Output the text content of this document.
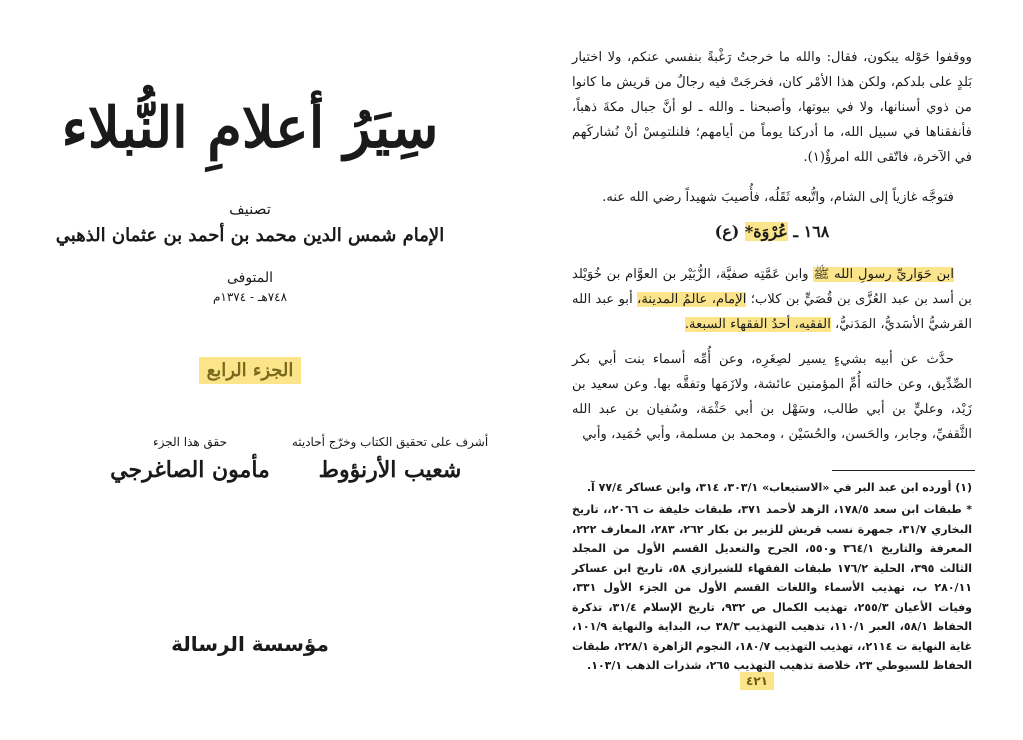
سِيَرُ أعلامِ النُّبلاء
تصنيف
الإمام شمس الدين محمد بن أحمد بن عثمان الذهبي
المتوفى
٧٤٨هـ - ١٣٧٤م
الجزء الرابع
أشرف على تحقيق الكتاب وخرّج أحاديثه
شعيب الأرنؤوط
حقق هذا الجزء
مأمون الصاغرجي
مؤسسة الرسالة
ووقفوا حَوْله يبكون، فقال: والله ما خرجتُ رَغْبةً بنفسي عنكم، ولا اختيار بَلدٍ على بلدكم، ولكن هذا الأمْر كان، فخرجَتْ فيه رجالٌ من قريش ما كانوا من ذوي أسنانها، ولا في بيوتها، وأصبحنا ـ والله ـ لو أنَّ جبال مكةَ ذهباً، فأنفقناها في سبيل الله، ما أدركنا يوماً من أيامهم؛ فلنلتمِسْ أنْ نُشاركَهم في الآخرة، فاتّقى الله امرؤٌ(١).
فتوجَّه غازياً إلى الشام، واتُّبعه ثَقَلُه، فأُصيبَ شهيداً رضي الله عنه.
١٦٨ ـ عُرْوَة* (ع)
ابن حَوَاريِّ رسولِ الله ﷺ وابن عَمَّتِه صفيَّة، الزُّبَيْر بن العوَّام بن خُوَيْلد بن أسد بن عبد العُزَّى بن قُصَيٍّ بن كلاب؛ الإمام، عالمُ المدينة، أبو عبد الله القرشيُّ الأسَديُّ، المَدَنيُّ، الفقيه، أحدُ الفقهاء السبعة.
حدَّث عن أبيه بشيءٍ يسير لصِغَرِه، وعن أُمِّه أسماء بنت أبي بكر الصِّدِّيق، وعن خالته أُمِّ المؤمنين عائشة، ولازَمَها وتفقَّه بها. وعن سعيد بن زَيْد، وعليٍّ بن أبي طالب، وسَهْل بن أبي حَثْمَة، وسُفيان بن عبد الله الثَّقفيِّ، وجابر، والحَسن، والحُسَيْن ، ومحمد بن مسلمة، وأبي حُمَيد، وأبي
(١) أورده ابن عبد البر في «الاستيعاب» ٣٠٣/١، ٣١٤، وابن عساكر ٧٧/٤ آ.
* طبقات ابن سعد ١٧٨/٥، الزهد لأحمد ٣٧١، طبقات خليفة ت ٢٠٦٦،، تاريخ البخاري ٣١/٧، جمهرة نسب قريش للزبير بن بكار ٢٦٢، ٢٨٣، المعارف ٢٢٢، المعرفة والتاريخ ٣٦٤/١ و٥٥٠، الجرح والتعديل القسم الأول من المجلد الثالث ٣٩٥، الحلية ١٧٦/٢ طبقات الفقهاء للشيرازي ٥٨، تاريخ ابن عساكر ٢٨٠/١١ ب، تهذيب الأسماء واللغات القسم الأول من الجزء الأول ٣٣١، وفيات الأعيان ٢٥٥/٣، تهذيب الكمال ص ٩٣٢، تاريخ الإسلام ٣١/٤، تذكرة الحفاظ ٥٨/١، العبر ١١٠/١، تذهيب التهذيب ٣٨/٣ ب، البداية والنهاية ١٠١/٩، غاية النهاية ت ٢١١٤،، تهذيب التهذيب ١٨٠/٧، النجوم الزاهرة ٢٢٨/١، طبقات الحفاظ للسيوطي ٢٣، خلاصة تذهيب التهذيب ٢٦٥، شذرات الذهب ١٠٣/١.
٤٢١
